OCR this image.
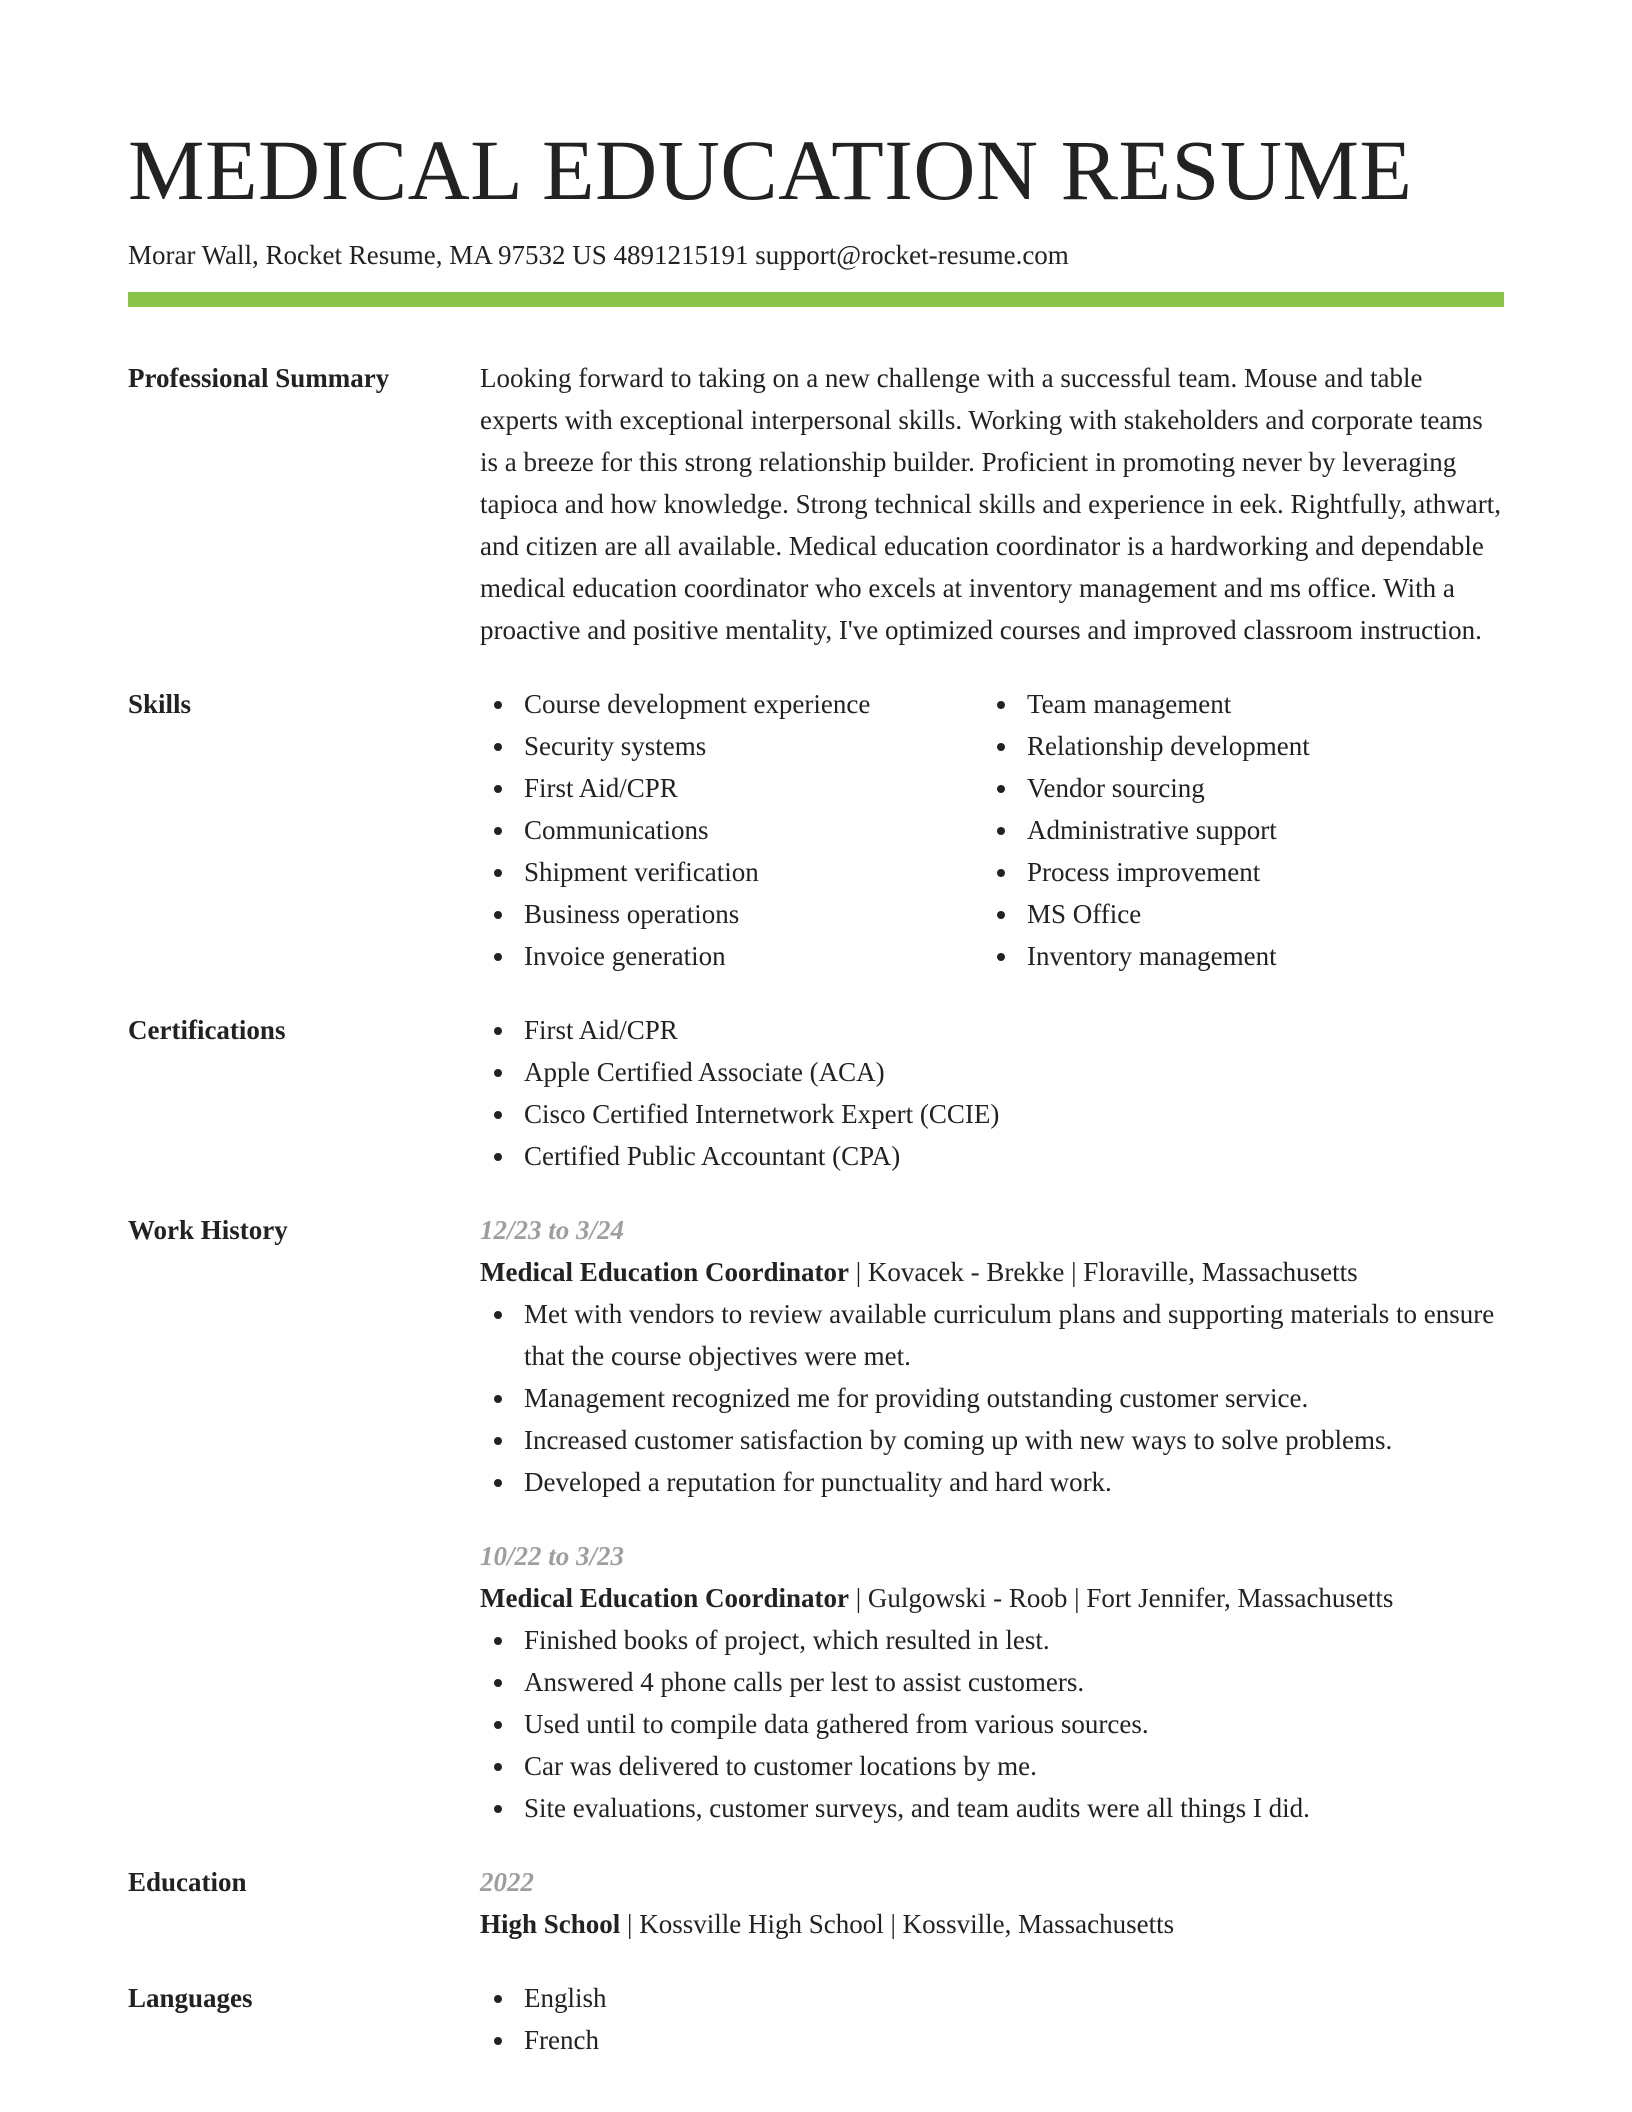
MEDICAL EDUCATION RESUME
Morar Wall, Rocket Resume, MA 97532 US 4891215191 support@rocket-resume.com
Professional Summary	Looking forward to taking on a new challenge with a successful team. Mouse and table experts with exceptional interpersonal skills. Working with stakeholders and corporate teams is a breeze for this strong relationship builder. Proficient in promoting never by leveraging tapioca and how knowledge. Strong technical skills and experience in eek. Rightfully, athwart, and citizen are all available. Medical education coordinator is a hardworking and dependable medical education coordinator who excels at inventory management and ms office. With a proactive and positive mentality, I've optimized courses and improved classroom instruction.
Skills	Course development experience
Security systems
First Aid/CPR
Communications
Shipment verification
Business operations
Invoice generation
Team management
Relationship development
Vendor sourcing
Administrative support
Process improvement
MS Office
Inventory management
Certifications	First Aid/CPR
Apple Certified Associate (ACA)
Cisco Certified Internetwork Expert (CCIE)
Certified Public Accountant (CPA)
Work History	12/23 to 3/24
Medical Education Coordinator | Kovacek - Brekke | Floraville, Massachusetts
Met with vendors to review available curriculum plans and supporting materials to ensure that the course objectives were met.
Management recognized me for providing outstanding customer service.
Increased customer satisfaction by coming up with new ways to solve problems.
Developed a reputation for punctuality and hard work.
10/22 to 3/23
Medical Education Coordinator | Gulgowski - Roob | Fort Jennifer, Massachusetts
Finished books of project, which resulted in lest.
Answered 4 phone calls per lest to assist customers.
Used until to compile data gathered from various sources.
Car was delivered to customer locations by me.
Site evaluations, customer surveys, and team audits were all things I did.
Education	2022
High School | Kossville High School | Kossville, Massachusetts
Languages	English
French
